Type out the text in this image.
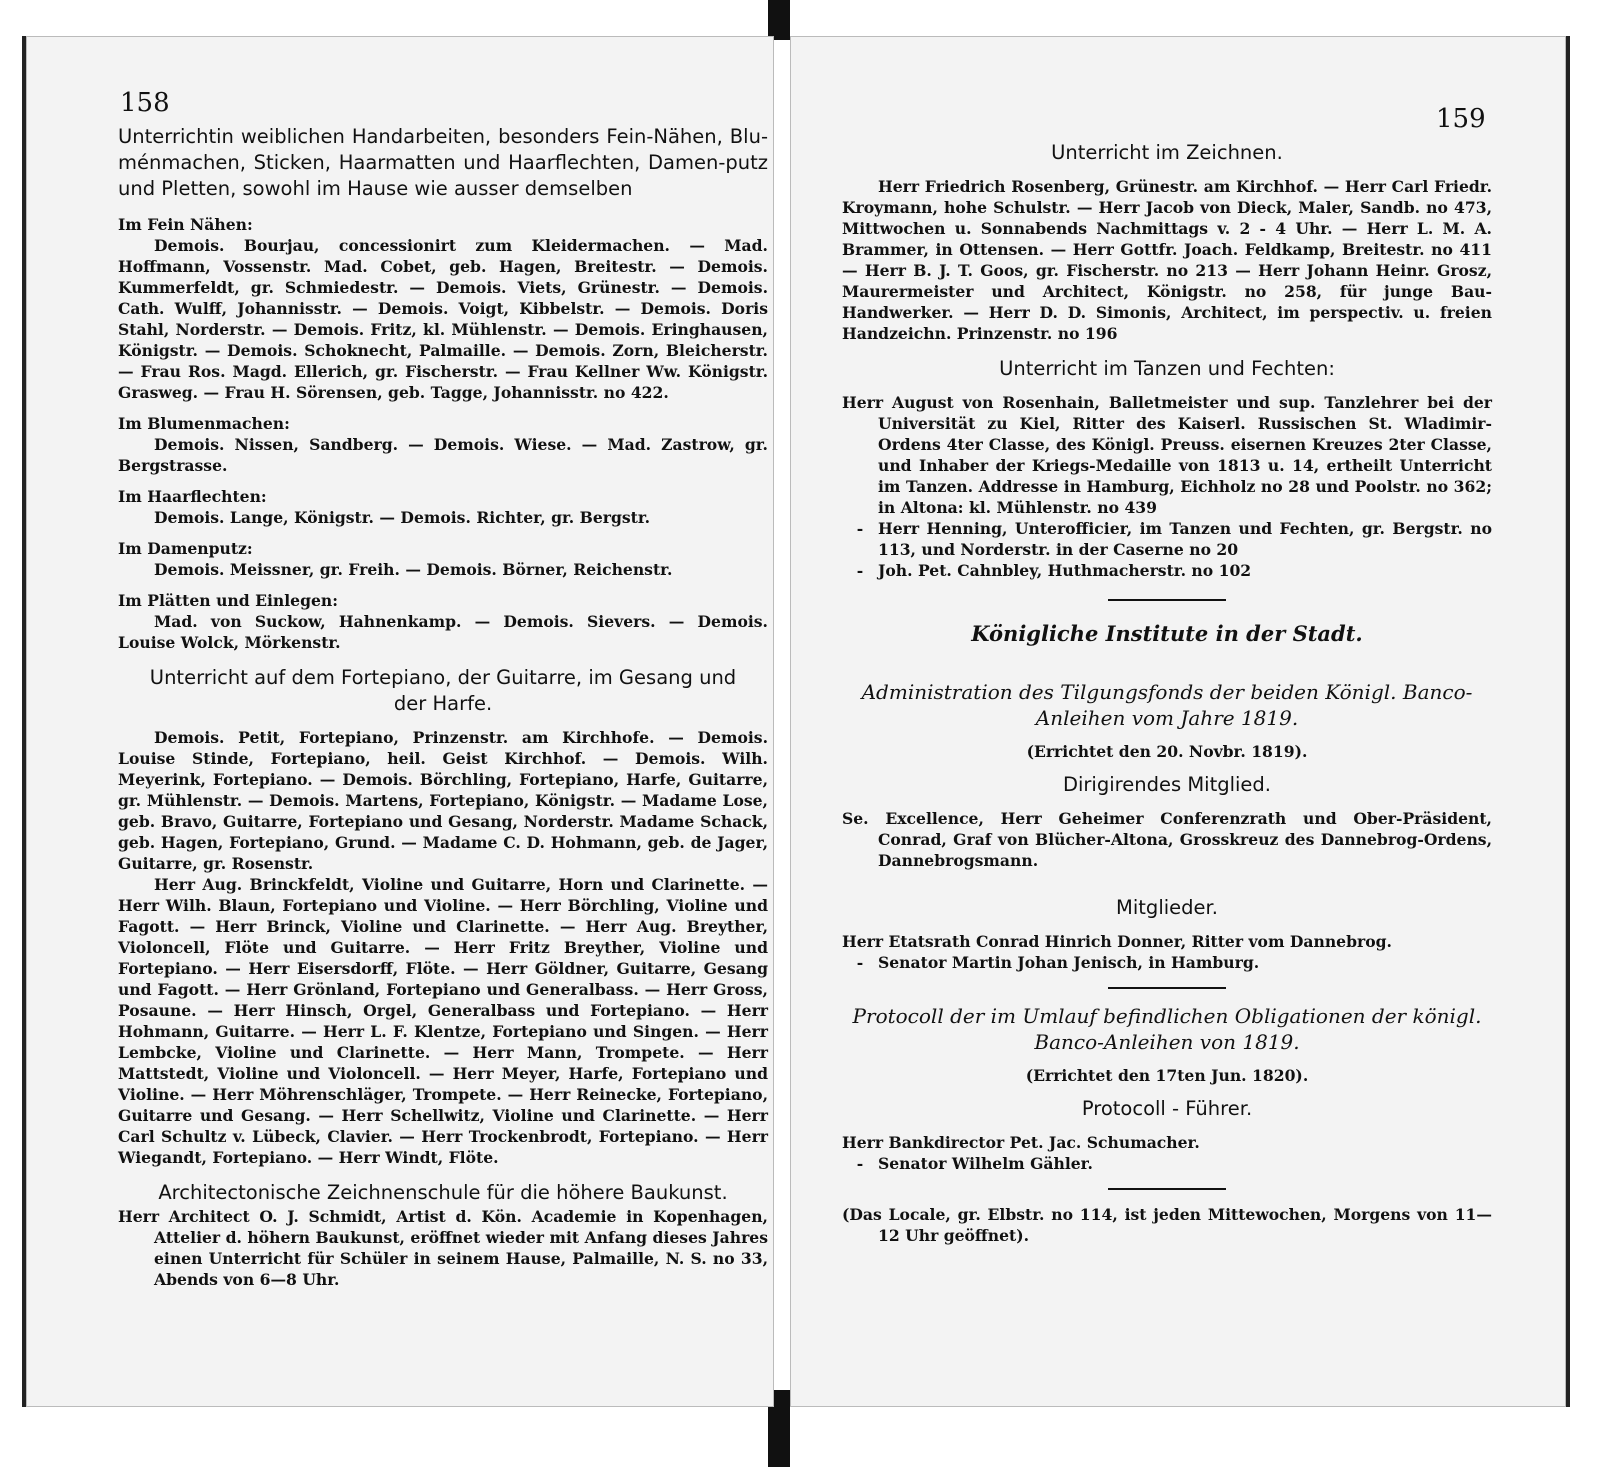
158
Unterrichtin weiblichen Handarbeiten, besonders Fein-Nähen, Blu-ménmachen, Sticken, Haarmatten und Haarflechten, Damen-putz und Pletten, sowohl im Hause wie ausser demselben
Im Fein Nähen:
Demois. Bourjau, concessionirt zum Kleidermachen. — Mad. Hoffmann, Vossenstr. Mad. Cobet, geb. Hagen, Breitestr. — Demois. Kummerfeldt, gr. Schmiedestr. — Demois. Viets, Grünestr. — Demois. Cath. Wulff, Johannisstr. — Demois. Voigt, Kibbelstr. — Demois. Doris Stahl, Norderstr. — Demois. Fritz, kl. Mühlenstr. — Demois. Eringhausen, Königstr. — Demois. Schoknecht, Palmaille. — Demois. Zorn, Bleicherstr. — Frau Ros. Magd. Ellerich, gr. Fischerstr. — Frau Kellner Ww. Königstr. Grasweg. — Frau H. Sörensen, geb. Tagge, Johannisstr. no 422.
Im Blumenmachen:
Demois. Nissen, Sandberg. — Demois. Wiese. — Mad. Zastrow, gr. Bergstrasse.
Im Haarflechten:
Demois. Lange, Königstr. — Demois. Richter, gr. Bergstr.
Im Damenputz:
Demois. Meissner, gr. Freih. — Demois. Börner, Reichenstr.
Im Plätten und Einlegen:
Mad. von Suckow, Hahnenkamp. — Demois. Sievers. — Demois. Louise Wolck, Mörkenstr.
Unterricht auf dem Fortepiano, der Guitarre, im Gesang und der Harfe.
Demois. Petit, Fortepiano, Prinzenstr. am Kirchhofe. — Demois. Louise Stinde, Fortepiano, heil. Geist Kirchhof. — Demois. Wilh. Meyerink, Fortepiano. — Demois. Börchling, Fortepiano, Harfe, Guitarre, gr. Mühlenstr. — Demois. Martens, Fortepiano, Königstr. — Madame Lose, geb. Bravo, Guitarre, Fortepiano und Gesang, Norderstr. Madame Schack, geb. Hagen, Fortepiano, Grund. — Madame C. D. Hohmann, geb. de Jager, Guitarre, gr. Rosenstr.
Herr Aug. Brinckfeldt, Violine und Guitarre, Horn und Clarinette. — Herr Wilh. Blaun, Fortepiano und Violine. — Herr Börchling, Violine und Fagott. — Herr Brinck, Violine und Clarinette. — Herr Aug. Breyther, Violoncell, Flöte und Guitarre. — Herr Fritz Breyther, Violine und Fortepiano. — Herr Eisersdorff, Flöte. — Herr Göldner, Guitarre, Gesang und Fagott. — Herr Grönland, Fortepiano und Generalbass. — Herr Gross, Posaune. — Herr Hinsch, Orgel, Generalbass und Fortepiano. — Herr Hohmann, Guitarre. — Herr L. F. Klentze, Fortepiano und Singen. — Herr Lembcke, Violine und Clarinette. — Herr Mann, Trompete. — Herr Mattstedt, Violine und Violoncell. — Herr Meyer, Harfe, Fortepiano und Violine. — Herr Möhrenschläger, Trompete. — Herr Reinecke, Fortepiano, Guitarre und Gesang. — Herr Schellwitz, Violine und Clarinette. — Herr Carl Schultz v. Lübeck, Clavier. — Herr Trockenbrodt, Fortepiano. — Herr Wiegandt, Fortepiano. — Herr Windt, Flöte.
Architectonische Zeichnenschule für die höhere Baukunst.
Herr Architect O. J. Schmidt, Artist d. Kön. Academie in Kopenhagen, Attelier d. höhern Baukunst, eröffnet wieder mit Anfang dieses Jahres einen Unterricht für Schüler in seinem Hause, Palmaille, N. S. no 33, Abends von 6—8 Uhr.
159
Unterricht im Zeichnen.
Herr Friedrich Rosenberg, Grünestr. am Kirchhof. — Herr Carl Friedr. Kroymann, hohe Schulstr. — Herr Jacob von Dieck, Maler, Sandb. no 473, Mittwochen u. Sonnabends Nachmittags v. 2 - 4 Uhr. — Herr L. M. A. Brammer, in Ottensen. — Herr Gottfr. Joach. Feldkamp, Breitestr. no 411 — Herr B. J. T. Goos, gr. Fischerstr. no 213 — Herr Johann Heinr. Grosz, Maurermeister und Architect, Königstr. no 258, für junge Bau-Handwerker. — Herr D. D. Simonis, Architect, im perspectiv. u. freien Handzeichn. Prinzenstr. no 196
Unterricht im Tanzen und Fechten:
Herr August von Rosenhain, Balletmeister und sup. Tanzlehrer bei der Universität zu Kiel, Ritter des Kaiserl. Russischen St. Wladimir-Ordens 4ter Classe, des Königl. Preuss. eisernen Kreuzes 2ter Classe, und Inhaber der Kriegs-Medaille von 1813 u. 14, ertheilt Unterricht im Tanzen. Addresse in Hamburg, Eichholz no 28 und Poolstr. no 362; in Altona: kl. Mühlenstr. no 439
- Herr Henning, Unterofficier, im Tanzen und Fechten, gr. Bergstr. no 113, und Norderstr. in der Caserne no 20
- Joh. Pet. Cahnbley, Huthmacherstr. no 102
Königliche Institute in der Stadt.
Administration des Tilgungsfonds der beiden Königl. Banco-Anleihen vom Jahre 1819.
(Errichtet den 20. Novbr. 1819).
Dirigirendes Mitglied.
Se. Excellence, Herr Geheimer Conferenzrath und Ober-Präsident, Conrad, Graf von Blücher-Altona, Grosskreuz des Dannebrog-Ordens, Dannebrogsmann.
Mitglieder.
Herr Etatsrath Conrad Hinrich Donner, Ritter vom Dannebrog.
- Senator Martin Johan Jenisch, in Hamburg.
Protocoll der im Umlauf befindlichen Obligationen der königl. Banco-Anleihen von 1819.
(Errichtet den 17ten Jun. 1820).
Protocoll - Führer.
Herr Bankdirector Pet. Jac. Schumacher.
- Senator Wilhelm Gähler.
(Das Locale, gr. Elbstr. no 114, ist jeden Mittewochen, Morgens von 11—12 Uhr geöffnet).
